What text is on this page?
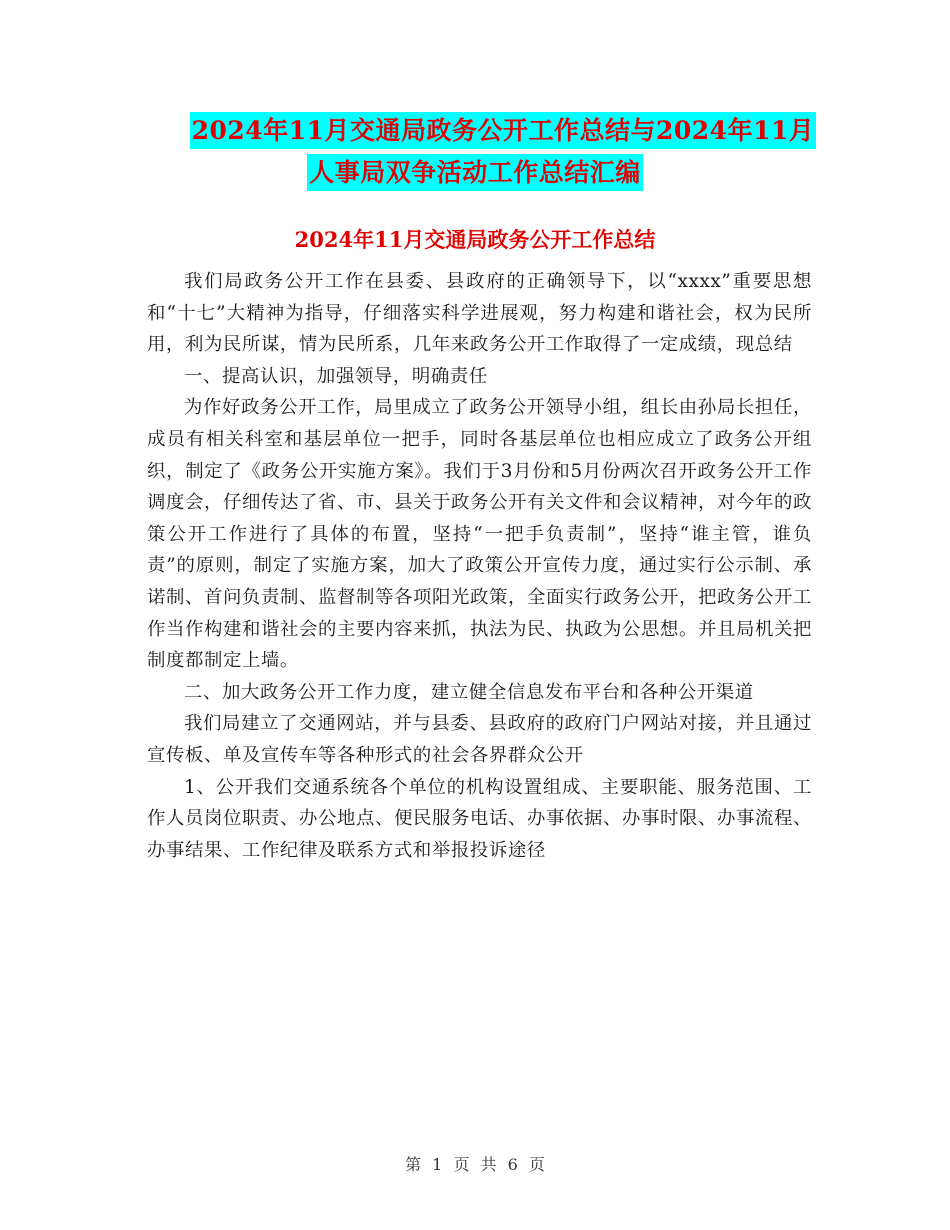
2024年11月交通局政务公开工作总结与2024年11月
人事局双争活动工作总结汇编
2024年11月交通局政务公开工作总结

我们局政务公开工作在县委、县政府的正确领导下，以“xxxx”重要思想和“十七”大精神为指导，仔细落实科学进展观，努力构建和谐社会，权为民所用，利为民所谋，情为民所系，几年来政务公开工作取得了一定成绩，现总结

一、提高认识，加强领导，明确责任

为作好政务公开工作，局里成立了政务公开领导小组，组长由孙局长担任，成员有相关科室和基层单位一把手，同时各基层单位也相应成立了政务公开组织，制定了《政务公开实施方案》。我们于3月份和5月份两次召开政务公开工作调度会，仔细传达了省、市、县关于政务公开有关文件和会议精神，对今年的政策公开工作进行了具体的布置，坚持“一把手负责制”，坚持“谁主管，谁负责”的原则，制定了实施方案，加大了政策公开宣传力度，通过实行公示制、承诺制、首问负责制、监督制等各项阳光政策，全面实行政务公开，把政务公开工作当作构建和谐社会的主要内容来抓，执法为民、执政为公思想。并且局机关把制度都制定上墙。

二、加大政务公开工作力度，建立健全信息发布平台和各种公开渠道

我们局建立了交通网站，并与县委、县政府的政府门户网站对接，并且通过宣传板、单及宣传车等各种形式的社会各界群众公开

1、公开我们交通系统各个单位的机构设置组成、主要职能、服务范围、工作人员岗位职责、办公地点、便民服务电话、办事依据、办事时限、办事流程、办事结果、工作纪律及联系方式和举报投诉途径

第 1 页 共 6 页
